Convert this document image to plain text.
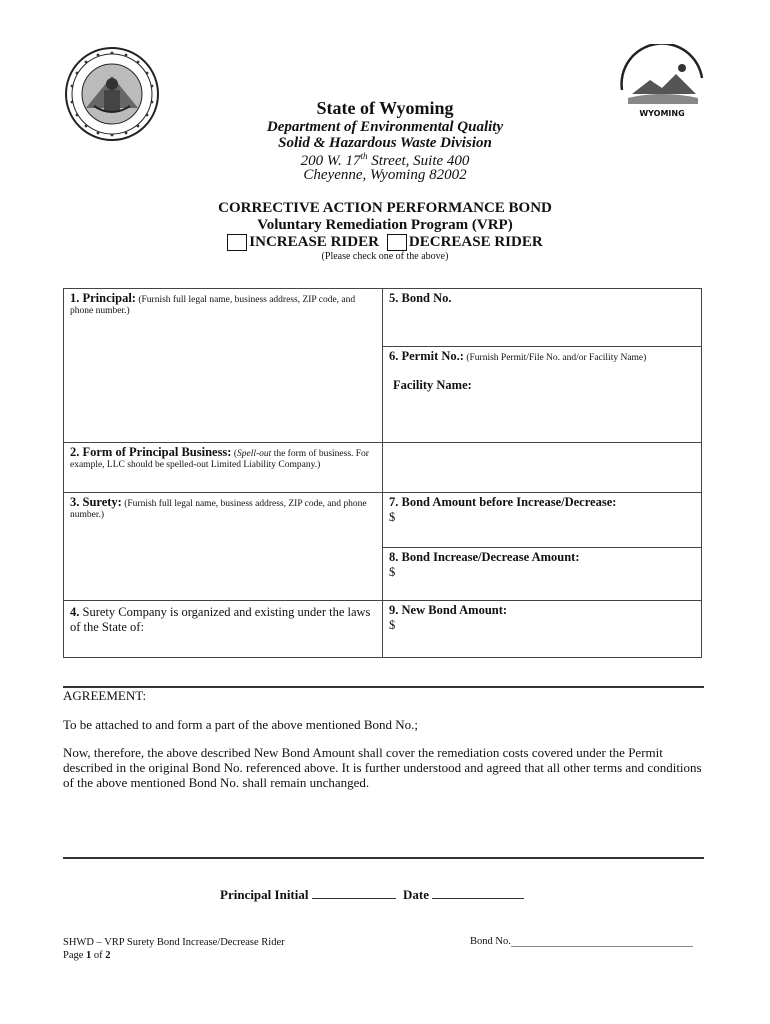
WYOMING
State of Wyoming
Department of Environmental Quality
Solid & Hazardous Waste Division
200 W. 17th Street, Suite 400
Cheyenne, Wyoming 82002
CORRECTIVE ACTION PERFORMANCE BOND
Voluntary Remediation Program (VRP)
INCREASE RIDER DECREASE RIDER
(Please check one of the above)
1. Principal: (Furnish full legal name, business address, ZIP code, and phone number.)
5. Bond No.
6. Permit No.: (Furnish Permit/File No. and/or Facility Name)
Facility Name:
2. Form of Principal Business: (Spell-out the form of business. For example, LLC should be spelled-out Limited Liability Company.)
3. Surety: (Furnish full legal name, business address, ZIP code, and phone number.)
7. Bond Amount before Increase/Decrease:
$
8. Bond Increase/Decrease Amount:
$
4. Surety Company is organized and existing under the laws of the State of:
9. New Bond Amount:
$
AGREEMENT:
To be attached to and form a part of the above mentioned Bond No.;
Now, therefore, the above described New Bond Amount shall cover the remediation costs covered under the Permit described in the original Bond No. referenced above. It is further understood and agreed that all other terms and conditions of the above mentioned Bond No. shall remain unchanged.
Principal Initial	Date
SHWD – VRP Surety Bond Increase/Decrease Rider
Page 1 of 2
Bond No.
